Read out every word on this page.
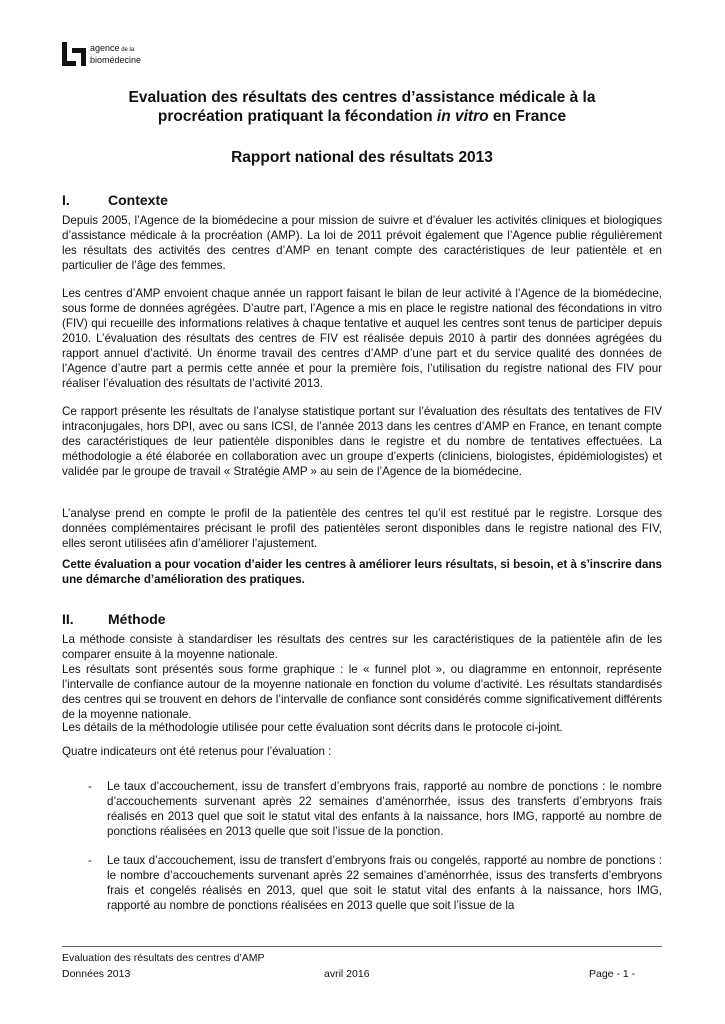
agence de la
biomédecine
Evaluation des résultats des centres d’assistance médicale à la
procréation pratiquant la fécondation in vitro en France
Rapport national des résultats 2013
I.	Contexte

Depuis 2005, l’Agence de la biomédecine a pour mission de suivre et d’évaluer les activités cliniques et biologiques d’assistance médicale à la procréation (AMP). La loi de 2011 prévoit également que l’Agence publie régulièrement les résultats des activités des centres d’AMP en tenant compte des caractéristiques de leur patientèle et en particulier de l’âge des femmes.

Les centres d’AMP envoient chaque année un rapport faisant le bilan de leur activité à l’Agence de la biomédecine, sous forme de données agrégées. D’autre part, l’Agence a mis en place le registre national des fécondations in vitro (FIV) qui recueille des informations relatives à chaque tentative et auquel les centres sont tenus de participer depuis 2010. L’évaluation des résultats des centres de FIV est réalisée depuis 2010 à partir des données agrégées du rapport annuel d’activité. Un énorme travail des centres d’AMP d’une part et du service qualité des données de l’Agence d’autre part a permis cette année et pour la première fois, l’utilisation du registre national des FIV pour réaliser l’évaluation des résultats de l’activité 2013.

Ce rapport présente les résultats de l’analyse statistique portant sur l’évaluation des résultats des tentatives de FIV intraconjugales, hors DPI, avec ou sans ICSI, de l’année 2013 dans les centres d’AMP en France, en tenant compte des caractéristiques de leur patientèle disponibles dans le registre et du nombre de tentatives effectuées. La méthodologie a été élaborée en collaboration avec un groupe d’experts (cliniciens, biologistes, épidémiologistes) et validée par le groupe de travail « Stratégie AMP » au sein de l’Agence de la biomédecine.

L’analyse prend en compte le profil de la patientèle des centres tel qu’il est restitué par le registre. Lorsque des données complémentaires précisant le profil des patientèles seront disponibles dans le registre national des FIV, elles seront utilisées afin d’améliorer l’ajustement.

Cette évaluation a pour vocation d’aider les centres à améliorer leurs résultats, si besoin, et à s’inscrire dans une démarche d’amélioration des pratiques.

II. Méthode

La méthode consiste à standardiser les résultats des centres sur les caractéristiques de la patientèle afin de les comparer ensuite à la moyenne nationale.

Les résultats sont présentés sous forme graphique : le « funnel plot », ou diagramme en entonnoir, représente l’intervalle de confiance autour de la moyenne nationale en fonction du volume d’activité. Les résultats standardisés des centres qui se trouvent en dehors de l’intervalle de confiance sont considérés comme significativement différents de la moyenne nationale.

Les détails de la méthodologie utilisée pour cette évaluation sont décrits dans le protocole ci-joint.

Quatre indicateurs ont été retenus pour l’évaluation :

- Le taux d’accouchement, issu de transfert d’embryons frais, rapporté au nombre de ponctions : le nombre d’accouchements survenant après 22 semaines d’aménorrhée, issus des transferts d’embryons frais réalisés en 2013 quel que soit le statut vital des enfants à la naissance, hors IMG, rapporté au nombre de ponctions réalisées en 2013 quelle que soit l’issue de la ponction.
- Le taux d’accouchement, issu de transfert d’embryons frais ou congelés, rapporté au nombre de ponctions : le nombre d’accouchements survenant après 22 semaines d’aménorrhée, issus des transferts d’embryons frais et congelés réalisés en 2013, quel que soit le statut vital des enfants à la naissance, hors IMG, rapporté au nombre de ponctions réalisées en 2013 quelle que soit l’issue de la
Evaluation des résultats des centres d’AMP
Données 2013	avril 2016	Page - 1 -
